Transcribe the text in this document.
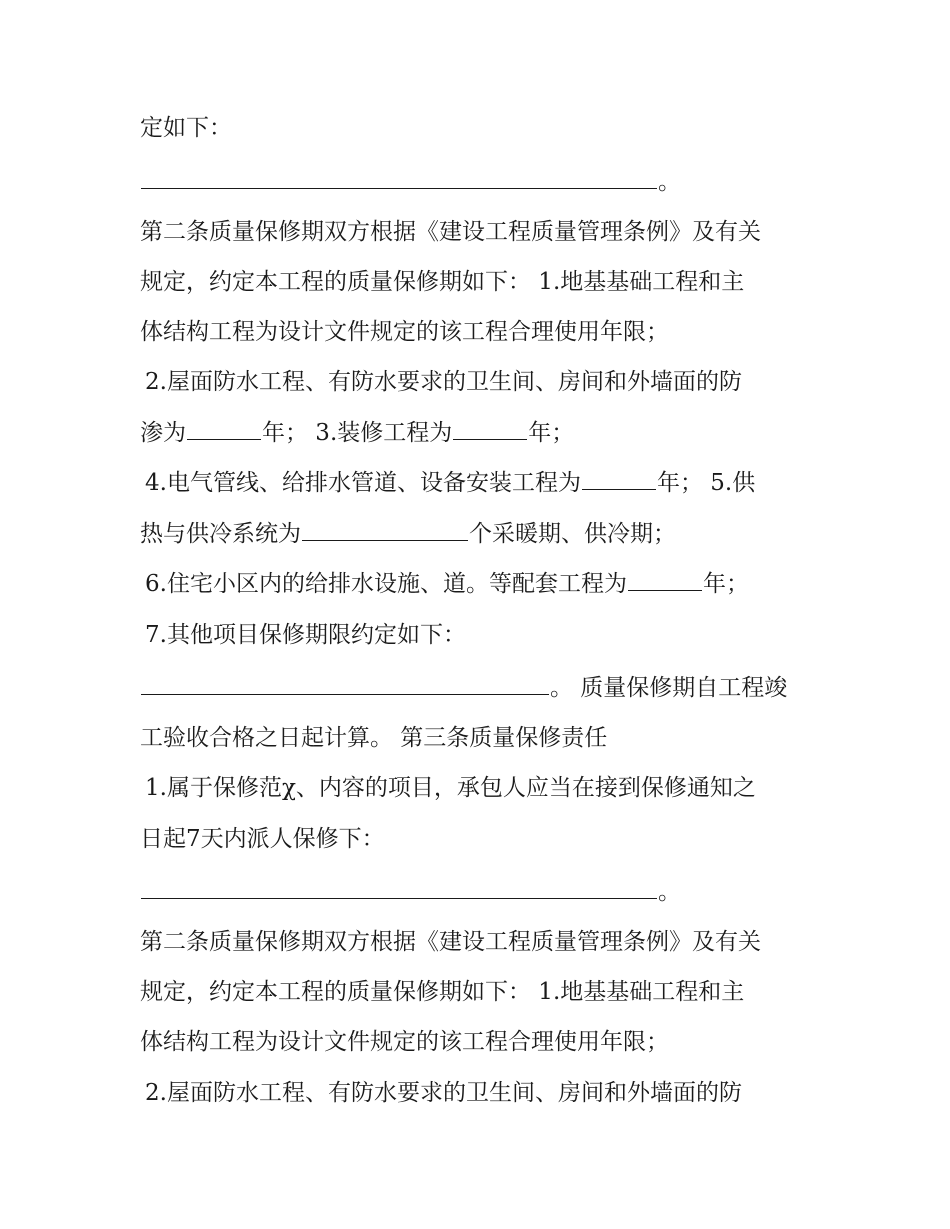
定如下：
。
第二条质量保修期双方根据《建设工程质量管理条例》及有关
规定，约定本工程的质量保修期如下： 1.地基基础工程和主
体结构工程为设计文件规定的该工程合理使用年限；
2.屋面防水工程、有防水要求的卫生间、房间和外墙面的防
渗为	年； 3.装修工程为	年；
4.电气管线、给排水管道、设备安装工程为	年； 5.供
热与供冷系统为	个采暖期、供冷期；
6.住宅小区内的给排水设施、道。等配套工程为	年；
7.其他项目保修期限约定如下：
。 质量保修期自工程竣
工验收合格之日起计算。 第三条质量保修责任
1.属于保修范χ、内容的项目，承包人应当在接到保修通知之
日起7天内派人保修下：
。
第二条质量保修期双方根据《建设工程质量管理条例》及有关
规定，约定本工程的质量保修期如下： 1.地基基础工程和主
体结构工程为设计文件规定的该工程合理使用年限；
2.屋面防水工程、有防水要求的卫生间、房间和外墙面的防
